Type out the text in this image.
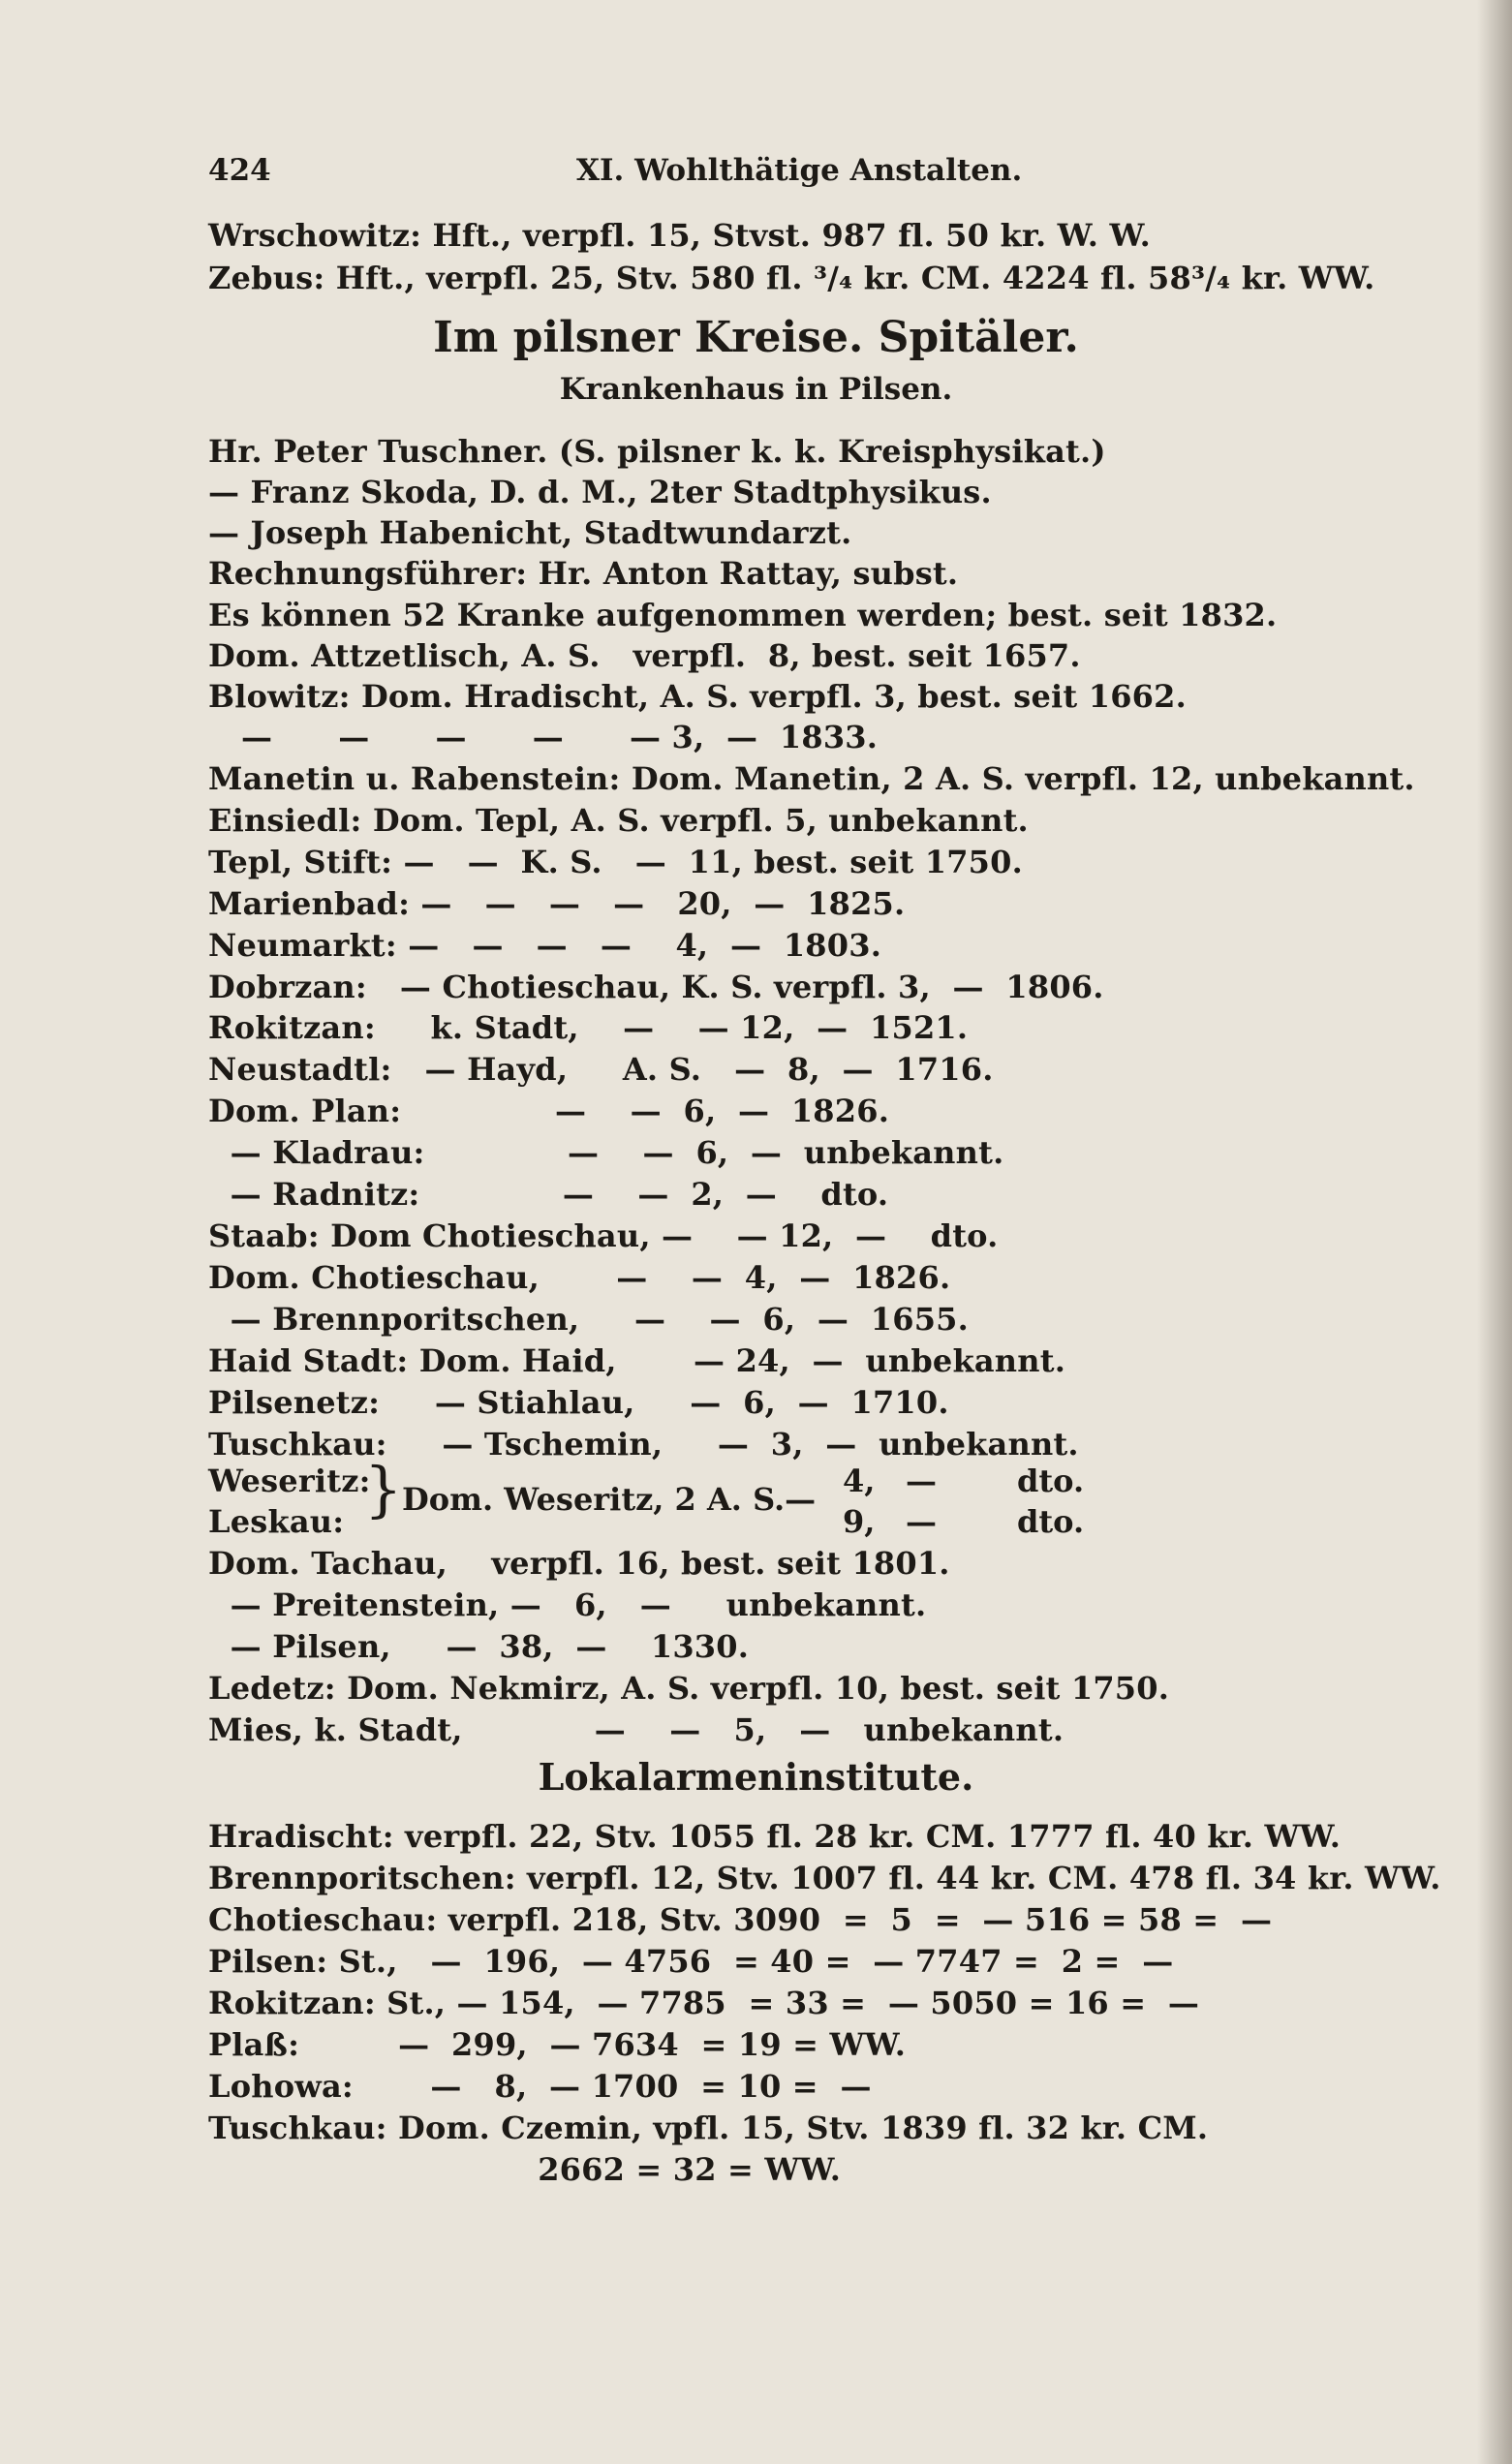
424	XI. Wohlthätige Anstalten.
Wrschowitz: Hft., verpfl. 15, Stvst. 987 fl. 50 kr. W. W.
Zebus: Hft., verpfl. 25, Stv. 580 fl. ³/₄ kr. CM. 4224 fl. 58³/₄ kr. WW.
Im pilsner Kreise. Spitäler.
Krankenhaus in Pilsen.
Hr. Peter Tuschner. (S. pilsner k. k. Kreisphysikat.)
— Franz Skoda, D. d. M., 2ter Stadtphysikus.
— Joseph Habenicht, Stadtwundarzt.
Rechnungsführer: Hr. Anton Rattay, subst.
Es können 52 Kranke aufgenommen werden; best. seit 1832.
Dom. Attzetlisch, A. S.   verpfl.  8, best. seit 1657.
Blowitz: Dom. Hradischt, A. S. verpfl. 3, best. seit 1662.
—      —      —      —      — 3,  —  1833.
Manetin u. Rabenstein: Dom. Manetin, 2 A. S. verpfl. 12, unbekannt.
Einsiedl: Dom. Tepl, A. S. verpfl. 5, unbekannt.
Tepl, Stift: —   —  K. S.   —  11, best. seit 1750.
Marienbad: —   —   —   —   20,  —  1825.
Neumarkt: —   —   —   —    4,  —  1803.
Dobrzan:   — Chotieschau, K. S. verpfl. 3,  —  1806.
Rokitzan:     k. Stadt,    —    — 12,  —  1521.
Neustadtl:   — Hayd,     A. S.   —  8,  —  1716.
Dom. Plan:              —    —  6,  —  1826.
— Kladrau:             —    —  6,  —  unbekannt.
— Radnitz:             —    —  2,  —    dto.
Staab: Dom Chotieschau, —    — 12,  —    dto.
Dom. Chotieschau,       —    —  4,  —  1826.
— Brennporitschen,     —    —  6,  —  1655.
Haid Stadt: Dom. Haid,       — 24,  —  unbekannt.
Pilsenetz:     — Stiahlau,     —  6,  —  1710.
Tuschkau:     — Tschemin,     —  3,  —  unbekannt.
Weseritz:
Leskau: } Dom. Weseritz, 2 A. S.— 4,
9,
—
—
dto.
dto.
Dom. Tachau,    verpfl. 16, best. seit 1801.
— Preitenstein, —   6,   —     unbekannt.
— Pilsen,     —  38,  —    1330.
Ledetz: Dom. Nekmirz, A. S. verpfl. 10, best. seit 1750.
Mies, k. Stadt,            —    —   5,   —   unbekannt.
Lokalarmeninstitute.
Hradischt: verpfl. 22, Stv. 1055 fl. 28 kr. CM. 1777 fl. 40 kr. WW.
Brennporitschen: verpfl. 12, Stv. 1007 fl. 44 kr. CM. 478 fl. 34 kr. WW.
Chotieschau: verpfl. 218, Stv. 3090  =  5  =  — 516 = 58 =  —
Pilsen: St.,   —  196,  — 4756  = 40 =  — 7747 =  2 =  —
Rokitzan: St., — 154,  — 7785  = 33 =  — 5050 = 16 =  —
Plaß:         —  299,  — 7634  = 19 = WW.
Lohowa:       —   8,  — 1700  = 10 =  —
Tuschkau: Dom. Czemin, vpfl. 15, Stv. 1839 fl. 32 kr. CM.
2662 = 32 = WW.
